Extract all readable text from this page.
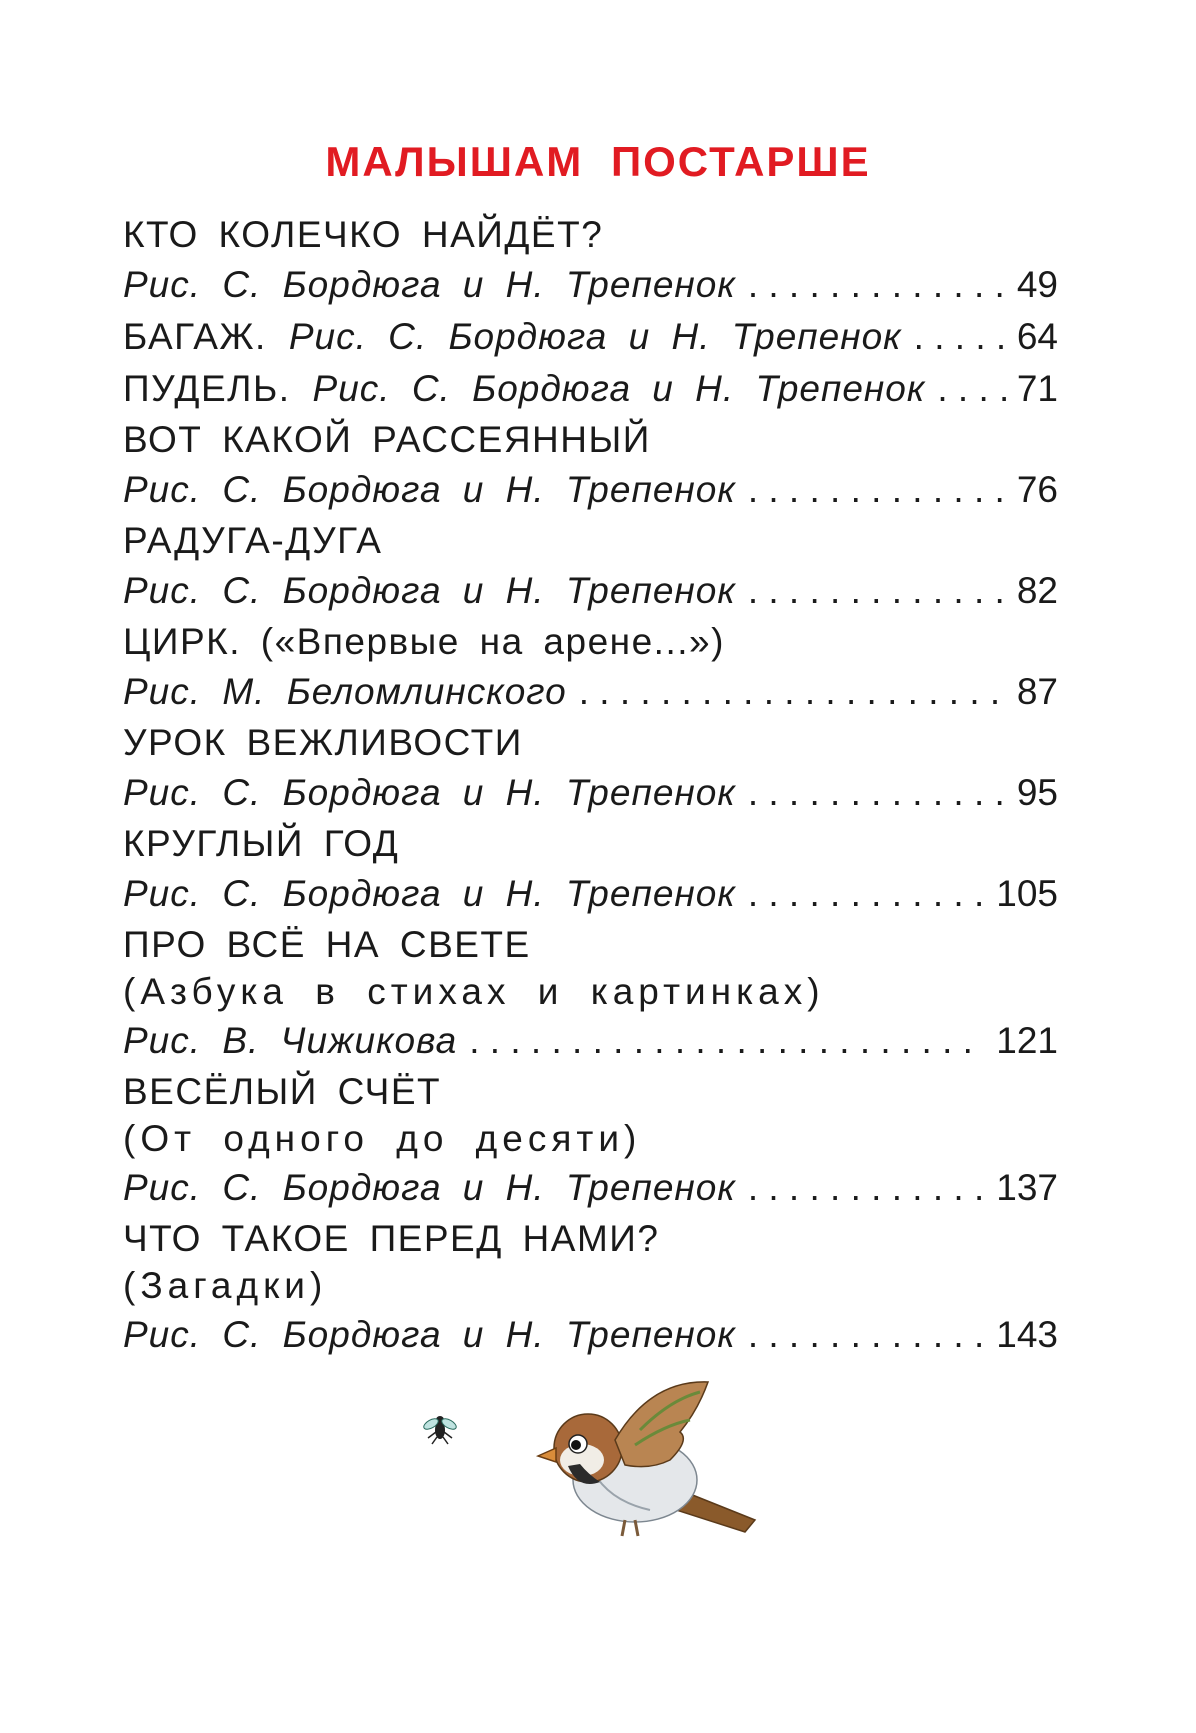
МАЛЫШАМ ПОСТАРШЕ
КТО КОЛЕЧКО НАЙДЁТ?
Рис. С. Бордюга и Н. Трепенок . . .	49
БАГАЖ. Рис. С. Бордюга и Н. Трепенок . . .	64
ПУДЕЛЬ. Рис. С. Бордюга и Н. Трепенок . . . 71
ВОТ КАКОЙ РАССЕЯННЫЙ
Рис. С. Бордюга и Н. Трепенок . . .	76
РАДУГА-ДУГА
Рис. С. Бордюга и Н. Трепенок . . .	82
ЦИРК. («Впервые на арене...»)
Рис. М. Беломлинского . . .	87
УРОК ВЕЖЛИВОСТИ
Рис. С. Бордюга и Н. Трепенок . . .	95
КРУГЛЫЙ ГОД
Рис. С. Бордюга и Н. Трепенок . . .	105
ПРО ВСЁ НА СВЕТЕ
(Азбука в стихах и картинках)
Рис. В. Чижикова . . .	121
ВЕСЁЛЫЙ СЧЁТ
(От одного до десяти)
Рис. С. Бордюга и Н. Трепенок . . .	137
ЧТО ТАКОЕ ПЕРЕД НАМИ?
(Загадки)
Рис. С. Бордюга и Н. Трепенок . . .	143
